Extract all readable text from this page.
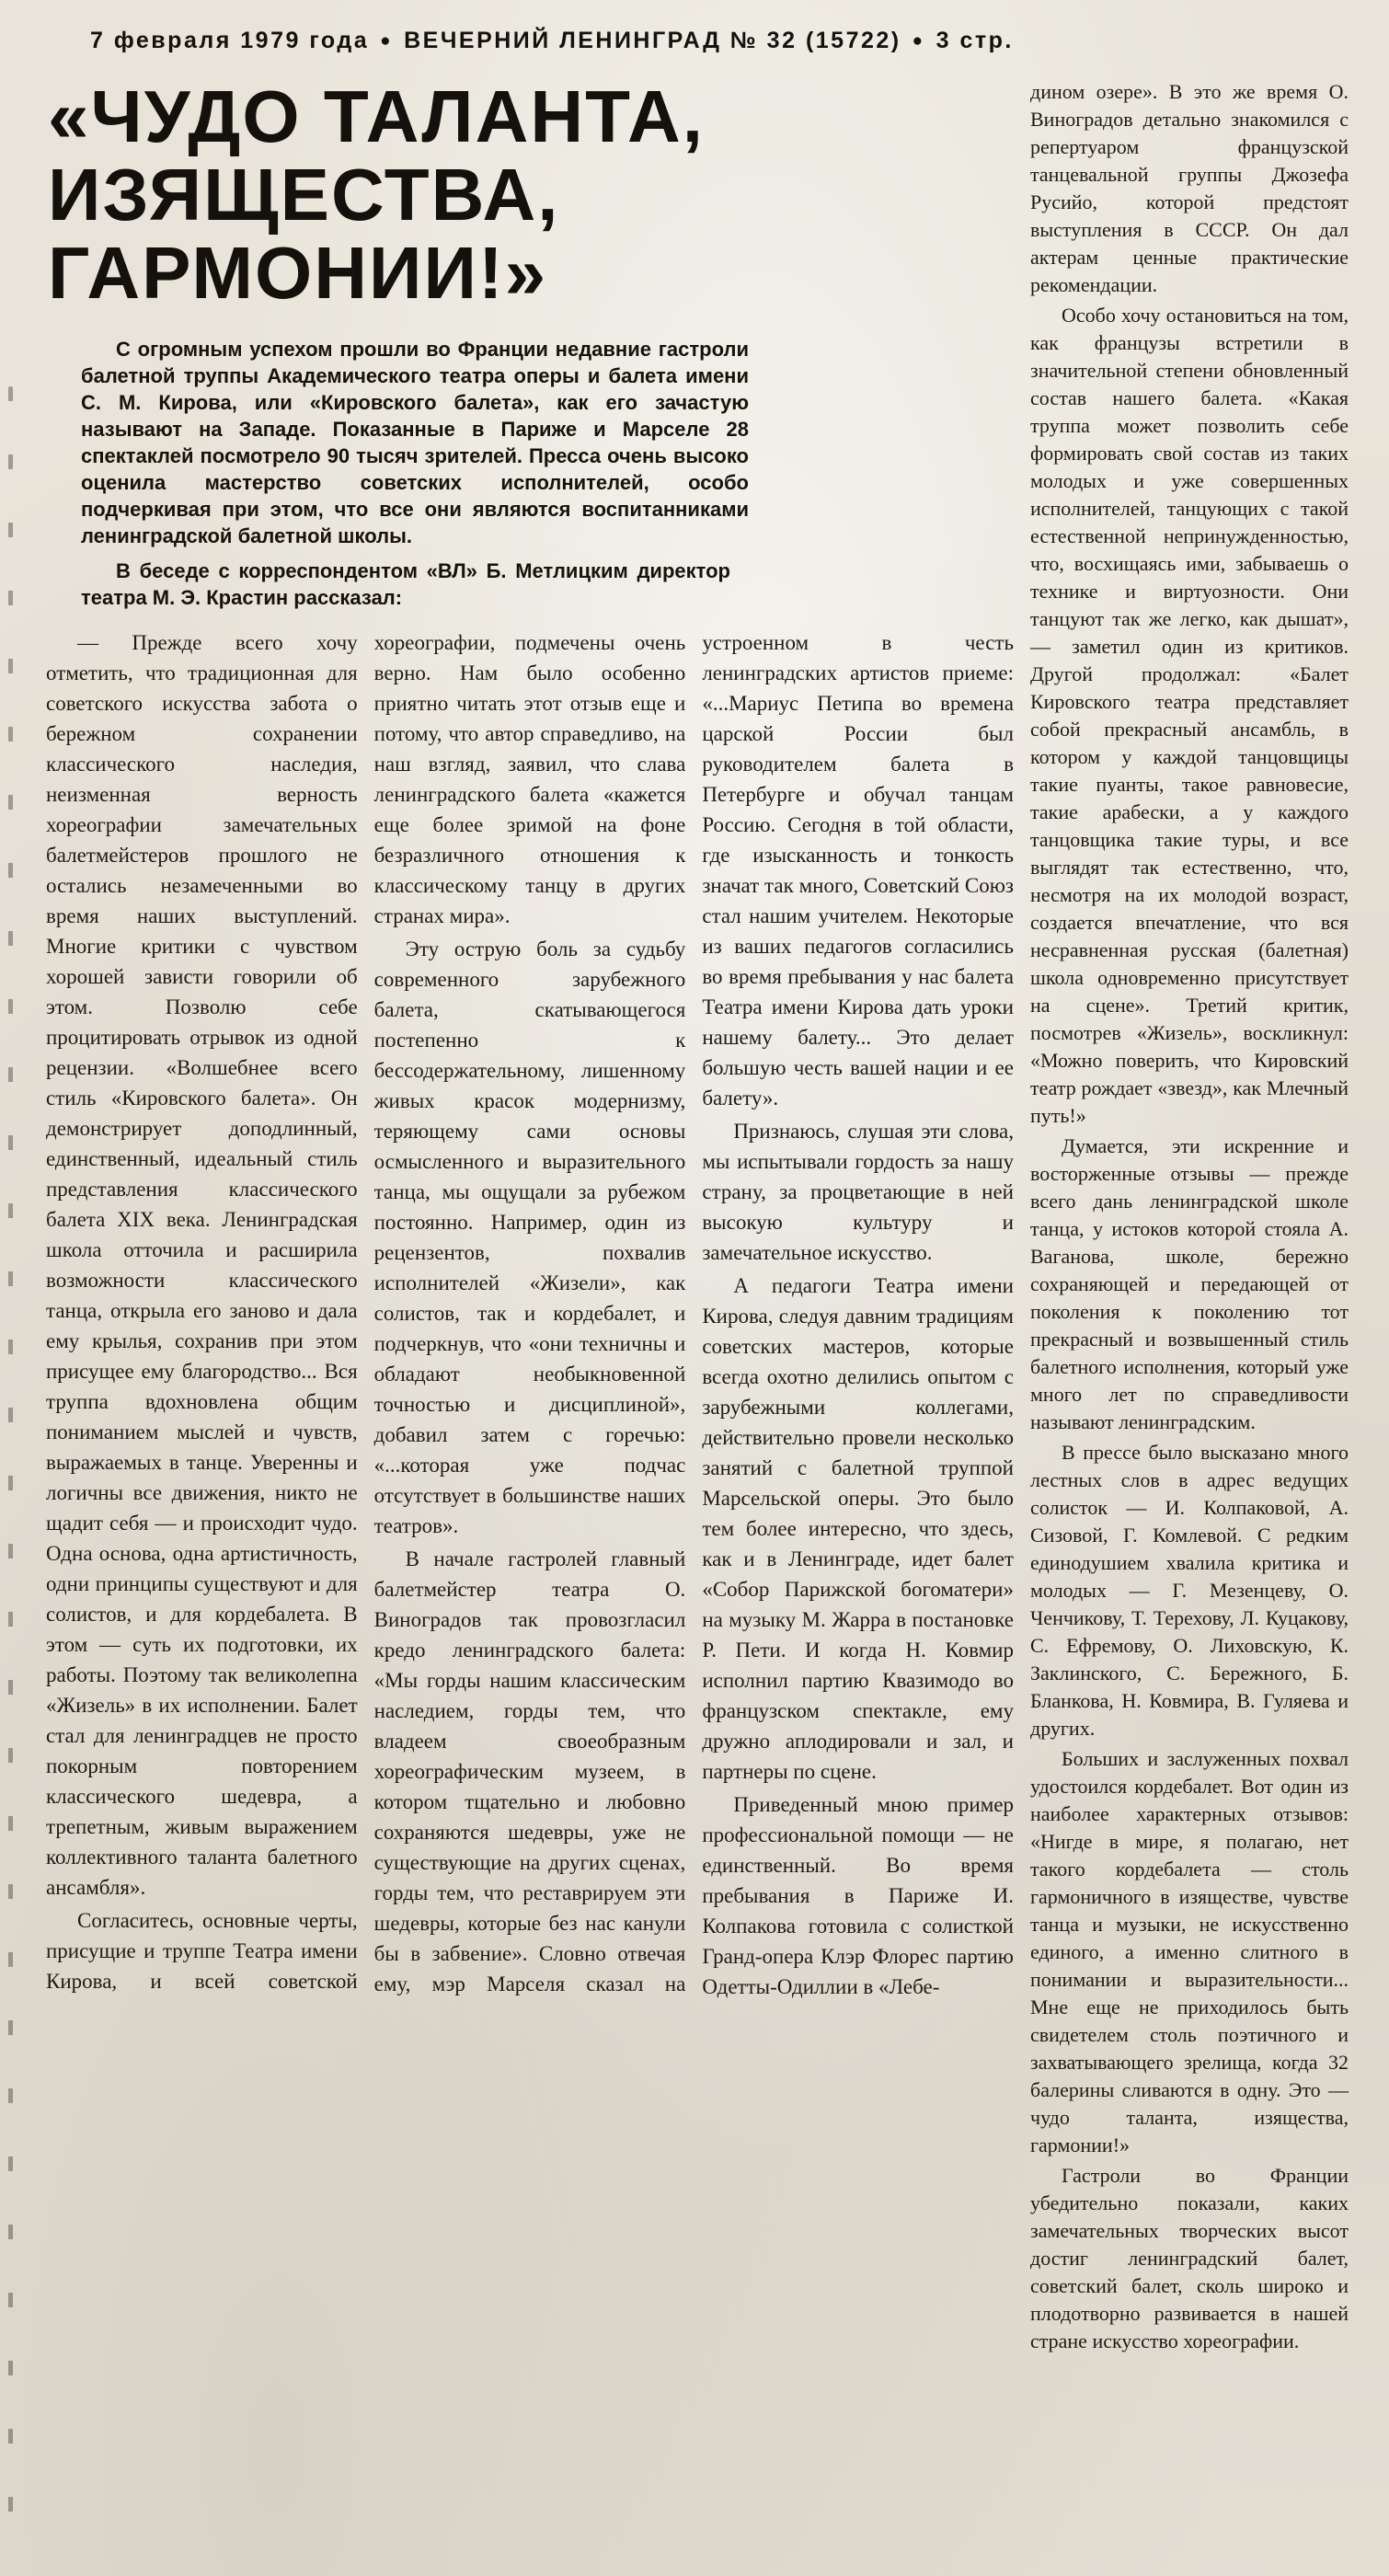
7 февраля 1979 года ● ВЕЧЕРНИЙ ЛЕНИНГРАД № 32 (15722) ● 3 стр.
«ЧУДО ТАЛАНТА,
ИЗЯЩЕСТВА,
ГАРМОНИИ!»

С огромным успехом прошли во Франции недавние гастроли балетной труппы Академического театра оперы и балета имени С. М. Кирова, или «Кировского балета», как его зачастую называют на Западе. Показанные в Париже и Марселе 28 спектаклей посмотрело 90 тысяч зрителей. Пресса очень высоко оценила мастерство советских исполнителей, особо подчеркивая при этом, что все они являются воспитанниками ленинградской балетной школы.

В беседе с корреспондентом «ВЛ» Б. Метлицким директор театра М. Э. Крастин рассказал:

— Прежде всего хочу отметить, что традиционная для советского искусства забота о бережном сохранении классического наследия, неизменная верность хореографии замечательных балетмейстеров прошлого не остались незамеченными во время наших выступлений. Многие критики с чувством хорошей зависти говорили об этом. Позволю себе процитировать отрывок из одной рецензии. «Волшебнее всего стиль «Кировского балета». Он демонстрирует доподлинный, единственный, идеальный стиль представления классического балета XIX века. Ленинградская школа отточила и расширила возможности классического танца, открыла его заново и дала ему крылья, сохранив при этом присущее ему благородство... Вся труппа вдохновлена общим пониманием мыслей и чувств, выражаемых в танце. Уверенны и логичны все движения, никто не щадит себя — и происходит чудо. Одна основа, одна артистичность, одни принципы существуют и для солистов, и для кордебалета. В этом — суть их подготовки, их работы. Поэтому так великолепна «Жизель» в их исполнении. Балет стал для ленинградцев не просто покорным повторением классического шедевра, а трепетным, живым выражением коллективного таланта балетного ансамбля».

Согласитесь, основные черты, присущие и труппе Театра имени Кирова, и всей советской хореографии, подмечены очень верно. Нам было особенно приятно читать этот отзыв еще и потому, что автор справедливо, на наш взгляд, заявил, что слава ленинградского балета «кажется еще более зримой на фоне безразличного отношения к классическому танцу в других странах мира».

Эту острую боль за судьбу современного зарубежного балета, скатывающегося постепенно к бессодержательному, лишенному живых красок модернизму, теряющему сами основы осмысленного и выразительного танца, мы ощущали за рубежом постоянно. Например, один из рецензентов, похвалив исполнителей «Жизели», как солистов, так и кордебалет, и подчеркнув, что «они техничны и обладают необыкновенной точностью и дисциплиной», добавил затем с горечью: «...которая уже подчас отсутствует в большинстве наших театров».

В начале гастролей главный балетмейстер театра О. Виноградов так провозгласил кредо ленинградского балета: «Мы горды нашим классическим наследием, горды тем, что владеем своеобразным хореографическим музеем, в котором тщательно и любовно сохраняются шедевры, уже не существующие на других сценах, горды тем, что реставрируем эти шедевры, которые без нас канули бы в забвение». Словно отвечая ему, мэр Марселя сказал на устроенном в честь ленинградских артистов приеме: «...Мариус Петипа во времена царской России был руководителем балета в Петербурге и обучал танцам Россию. Сегодня в той области, где изысканность и тонкость значат так много, Советский Союз стал нашим учителем. Некоторые из ваших педагогов согласились во время пребывания у нас балета Театра имени Кирова дать уроки нашему балету... Это делает большую честь вашей нации и ее балету».

Признаюсь, слушая эти слова, мы испытывали гордость за нашу страну, за процветающие в ней высокую культуру и замечательное искусство.

А педагоги Театра имени Кирова, следуя давним традициям советских мастеров, которые всегда охотно делились опытом с зарубежными коллегами, действительно провели несколько занятий с балетной труппой Марсельской оперы. Это было тем более интересно, что здесь, как и в Ленинграде, идет балет «Собор Парижской богоматери» на музыку М. Жарра в постановке Р. Пети. И когда Н. Ковмир исполнил партию Квазимодо во французском спектакле, ему дружно аплодировали и зал, и партнеры по сцене.

Приведенный мною пример профессиональной помощи — не единственный. Во время пребывания в Париже И. Колпакова готовила с солисткой Гранд-опера Клэр Флорес партию Одетты-Одиллии в «Лебе-

дином озере». В это же время О. Виноградов детально знакомился с репертуаром французской танцевальной группы Джозефа Русийо, которой предстоят выступления в СССР. Он дал актерам ценные практические рекомендации.

Особо хочу остановиться на том, как французы встретили в значительной степени обновленный состав нашего балета. «Какая труппа может позволить себе формировать свой состав из таких молодых и уже совершенных исполнителей, танцующих с такой естественной непринужденностью, что, восхищаясь ими, забываешь о технике и виртуозности. Они танцуют так же легко, как дышат», — заметил один из критиков. Другой продолжал: «Балет Кировского театра представляет собой прекрасный ансамбль, в котором у каждой танцовщицы такие пуанты, такое равновесие, такие арабески, а у каждого танцовщика такие туры, и все выглядят так естественно, что, несмотря на их молодой возраст, создается впечатление, что вся несравненная русская (балетная) школа одновременно присутствует на сцене». Третий критик, посмотрев «Жизель», воскликнул: «Можно поверить, что Кировский театр рождает «звезд», как Млечный путь!»

Думается, эти искренние и восторженные отзывы — прежде всего дань ленинградской школе танца, у истоков которой стояла А. Ваганова, школе, бережно сохраняющей и передающей от поколения к поколению тот прекрасный и возвышенный стиль балетного исполнения, который уже много лет по справедливости называют ленинградским.

В прессе было высказано много лестных слов в адрес ведущих солисток — И. Колпаковой, А. Сизовой, Г. Комлевой. С редким единодушием хвалила критика и молодых — Г. Мезенцеву, О. Ченчикову, Т. Терехову, Л. Куцакову, С. Ефремову, О. Лиховскую, К. Заклинского, С. Бережного, Б. Бланкова, Н. Ковмира, В. Гуляева и других.

Больших и заслуженных похвал удостоился кордебалет. Вот один из наиболее характерных отзывов: «Нигде в мире, я полагаю, нет такого кордебалета — столь гармоничного в изяществе, чувстве танца и музыки, не искусственно единого, а именно слитного в понимании и выразительности... Мне еще не приходилось быть свидетелем столь поэтичного и захватывающего зрелища, когда 32 балерины сливаются в одну. Это — чудо таланта, изящества, гармонии!»

Гастроли во Франции убедительно показали, каких замечательных творческих высот достиг ленинградский балет, советский балет, сколь широко и плодотворно развивается в нашей стране искусство хореографии.
